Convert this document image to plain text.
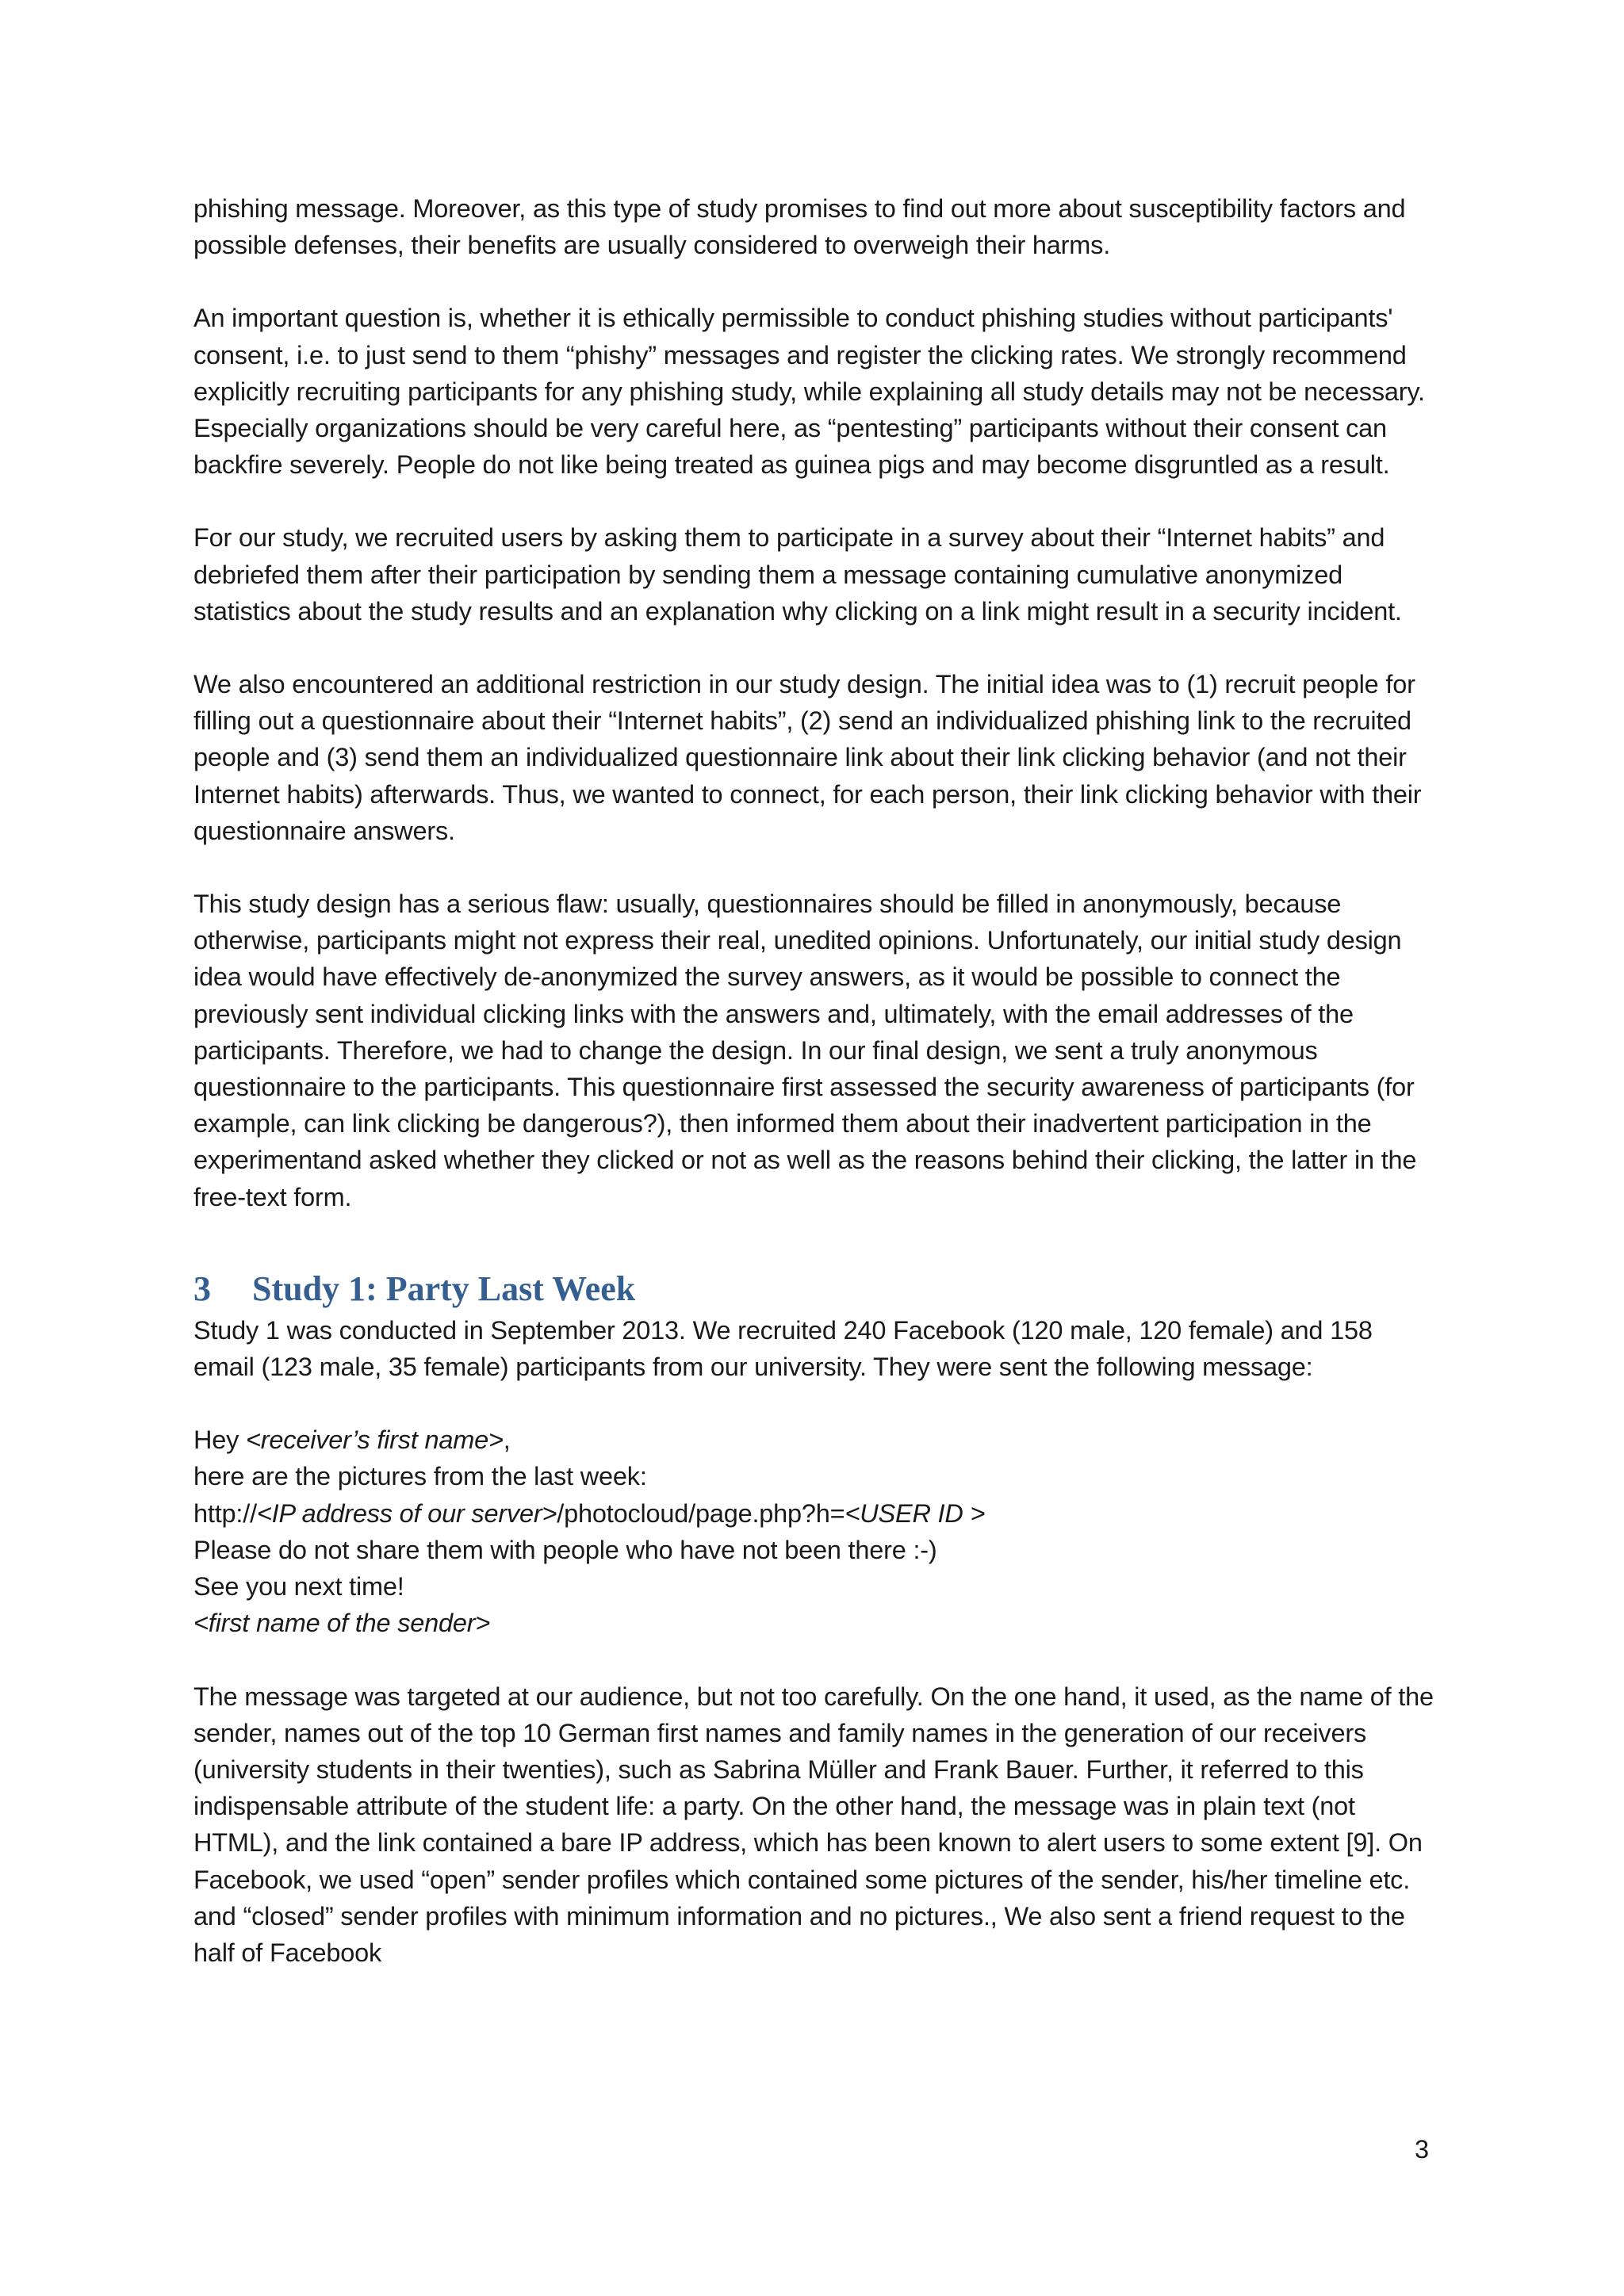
phishing message. Moreover, as this type of study promises to find out more about susceptibility factors and possible defenses, their benefits are usually considered to overweigh their harms.

An important question is, whether it is ethically permissible to conduct phishing studies without participants' consent, i.e. to just send to them “phishy” messages and register the clicking rates. We strongly recommend explicitly recruiting participants for any phishing study, while explaining all study details may not be necessary. Especially organizations should be very careful here, as “pentesting” participants without their consent can backfire severely. People do not like being treated as guinea pigs and may become disgruntled as a result.

For our study, we recruited users by asking them to participate in a survey about their “Internet habits” and debriefed them after their participation by sending them a message containing cumulative anonymized statistics about the study results and an explanation why clicking on a link might result in a security incident.

We also encountered an additional restriction in our study design. The initial idea was to (1) recruit people for filling out a questionnaire about their “Internet habits”, (2) send an individualized phishing link to the recruited people and (3) send them an individualized questionnaire link about their link clicking behavior (and not their Internet habits) afterwards. Thus, we wanted to connect, for each person, their link clicking behavior with their questionnaire answers.

This study design has a serious flaw: usually, questionnaires should be filled in anonymously, because otherwise, participants might not express their real, unedited opinions. Unfortunately, our initial study design idea would have effectively de-anonymized the survey answers, as it would be possible to connect the previously sent individual clicking links with the answers and, ultimately, with the email addresses of the participants. Therefore, we had to change the design. In our final design, we sent a truly anonymous questionnaire to the participants. This questionnaire first assessed the security awareness of participants (for example, can link clicking be dangerous?), then informed them about their inadvertent participation in the experimentand asked whether they clicked or not as well as the reasons behind their clicking, the latter in the free-text form.

3 Study 1: Party Last Week

Study 1 was conducted in September 2013. We recruited 240 Facebook (120 male, 120 female) and 158 email (123 male, 35 female) participants from our university. They were sent the following message:

Hey <receiver’s first name>,

here are the pictures from the last week:

http://<IP address of our server>/photocloud/page.php?h=<USER ID >

Please do not share them with people who have not been there :-)

See you next time!

<first name of the sender>

The message was targeted at our audience, but not too carefully. On the one hand, it used, as the name of the sender, names out of the top 10 German first names and family names in the generation of our receivers (university students in their twenties), such as Sabrina Müller and Frank Bauer. Further, it referred to this indispensable attribute of the student life: a party. On the other hand, the message was in plain text (not HTML), and the link contained a bare IP address, which has been known to alert users to some extent [9]. On Facebook, we used “open” sender profiles which contained some pictures of the sender, his/her timeline etc. and “closed” sender profiles with minimum information and no pictures., We also sent a friend request to the half of Facebook

3
